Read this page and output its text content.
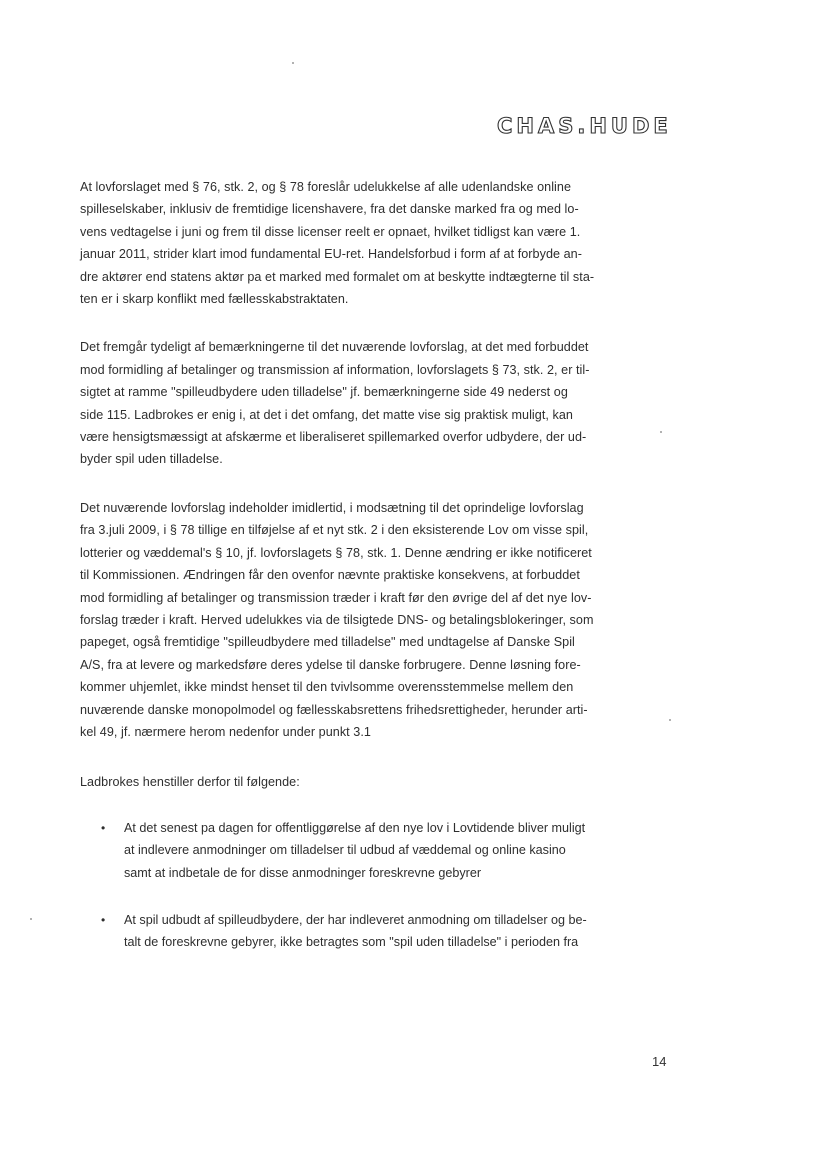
CHAS.HUDE

At lovforslaget med § 76, stk. 2, og § 78 foreslår udelukkelse af alle udenlandske online
spilleselskaber, inklusiv de fremtidige licenshavere, fra det danske marked fra og med lo-
vens vedtagelse i juni og frem til disse licenser reelt er opnaet, hvilket tidligst kan være 1.
januar 2011, strider klart imod fundamental EU-ret. Handelsforbud i form af at forbyde an-
dre aktører end statens aktør pa et marked med formalet om at beskytte indtægterne til sta-
ten er i skarp konflikt med fællesskabstraktaten.

Det fremgår tydeligt af bemærkningerne til det nuværende lovforslag, at det med forbuddet
mod formidling af betalinger og transmission af information, lovforslagets § 73, stk. 2, er til-
sigtet at ramme "spilleudbydere uden tilladelse" jf. bemærkningerne side 49 nederst og
side 115. Ladbrokes er enig i, at det i det omfang, det matte vise sig praktisk muligt, kan
være hensigtsmæssigt at afskærme et liberaliseret spillemarked overfor udbydere, der ud-
byder spil uden tilladelse.

Det nuværende lovforslag indeholder imidlertid, i modsætning til det oprindelige lovforslag
fra 3.juli 2009, i § 78 tillige en tilføjelse af et nyt stk. 2 i den eksisterende Lov om visse spil,
lotterier og væddemal's § 10, jf. lovforslagets § 78, stk. 1. Denne ændring er ikke notificeret
til Kommissionen. Ændringen får den ovenfor nævnte praktiske konsekvens, at forbuddet
mod formidling af betalinger og transmission træder i kraft før den øvrige del af det nye lov-
forslag træder i kraft. Herved udelukkes via de tilsigtede DNS- og betalingsblokeringer, som
papeget, også fremtidige "spilleudbydere med tilladelse" med undtagelse af Danske Spil
A/S, fra at levere og markedsføre deres ydelse til danske forbrugere. Denne løsning fore-
kommer uhjemlet, ikke mindst henset til den tvivlsomme overensstemmelse mellem den
nuværende danske monopolmodel og fællesskabsrettens frihedsrettigheder, herunder arti-
kel 49, jf. nærmere herom nedenfor under punkt 3.1

Ladbrokes henstiller derfor til følgende:

• At det senest pa dagen for offentliggørelse af den nye lov i Lovtidende bliver muligt
at indlevere anmodninger om tilladelser til udbud af væddemal og online kasino
samt at indbetale de for disse anmodninger foreskrevne gebyrer
• At spil udbudt af spilleudbydere, der har indleveret anmodning om tilladelser og be-
talt de foreskrevne gebyrer, ikke betragtes som "spil uden tilladelse" i perioden fra
14
